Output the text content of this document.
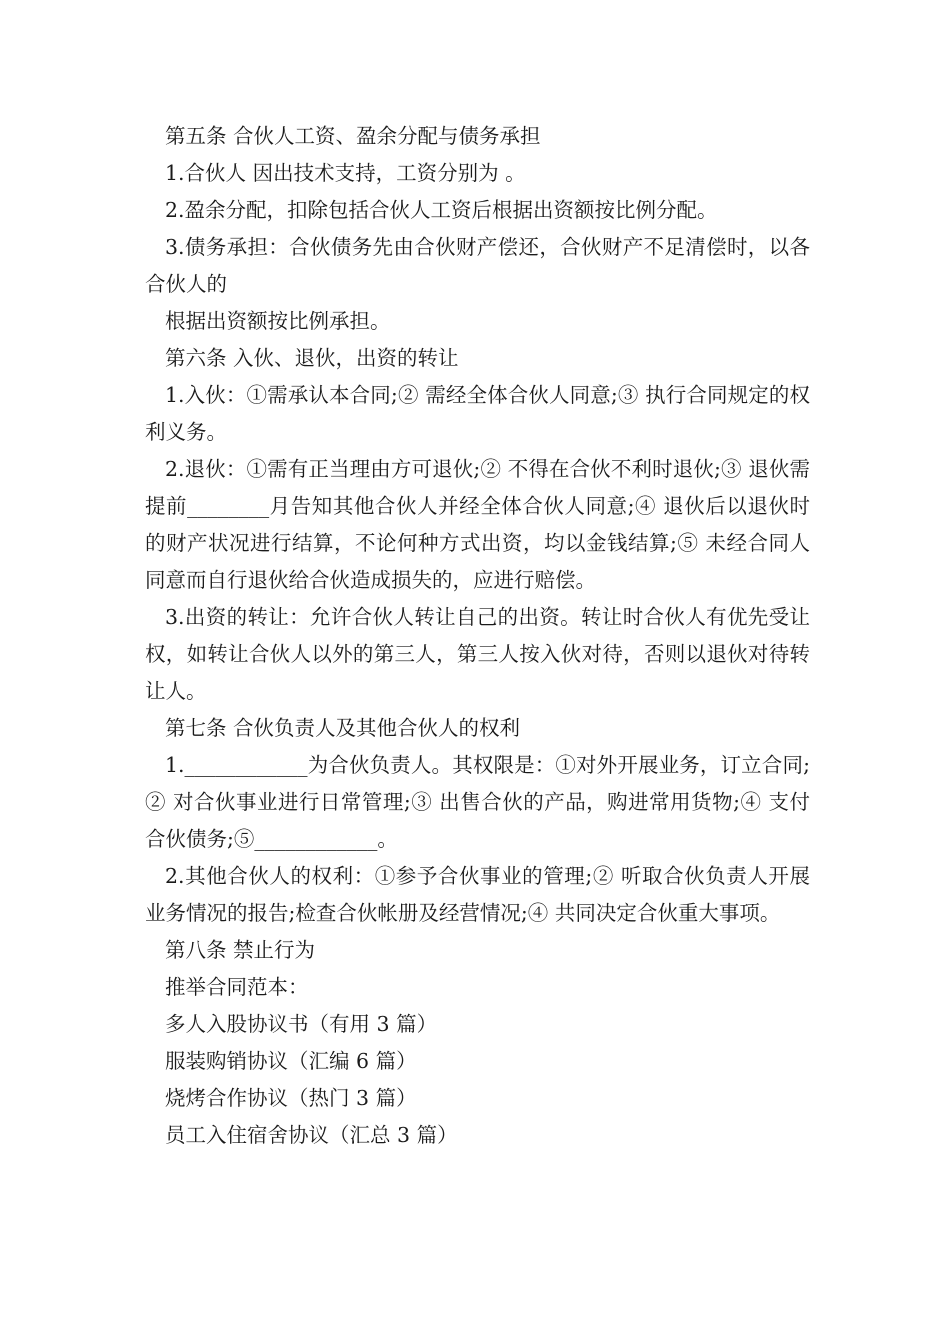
第五条 合伙人工资、盈余分配与债务承担

1.合伙人 因出技术支持，工资分别为 。

2.盈余分配，扣除包括合伙人工资后根据出资额按比例分配。

3.债务承担：合伙债务先由合伙财产偿还，合伙财产不足清偿时，以各合伙人的

根据出资额按比例承担。

第六条 入伙、退伙，出资的转让

1.入伙：①需承认本合同;② 需经全体合伙人同意;③ 执行合同规定的权利义务。

2.退伙：①需有正当理由方可退伙;② 不得在合伙不利时退伙;③ 退伙需提前________月告知其他合伙人并经全体合伙人同意;④ 退伙后以退伙时的财产状况进行结算，不论何种方式出资，均以金钱结算;⑤ 未经合同人同意而自行退伙给合伙造成损失的，应进行赔偿。

3.出资的转让：允许合伙人转让自己的出资。转让时合伙人有优先受让权，如转让合伙人以外的第三人，第三人按入伙对待，否则以退伙对待转让人。

第七条 合伙负责人及其他合伙人的权利

1.____________为合伙负责人。其权限是：①对外开展业务，订立合同;② 对合伙事业进行日常管理;③ 出售合伙的产品，购进常用货物;④ 支付合伙债务;⑤____________。

2.其他合伙人的权利：①参予合伙事业的管理;② 听取合伙负责人开展业务情况的报告;检查合伙帐册及经营情况;④ 共同决定合伙重大事项。

第八条 禁止行为

推举合同范本：

多人入股协议书（有用 3 篇）

服装购销协议（汇编 6 篇）

烧烤合作协议（热门 3 篇）

员工入住宿舍协议（汇总 3 篇）
